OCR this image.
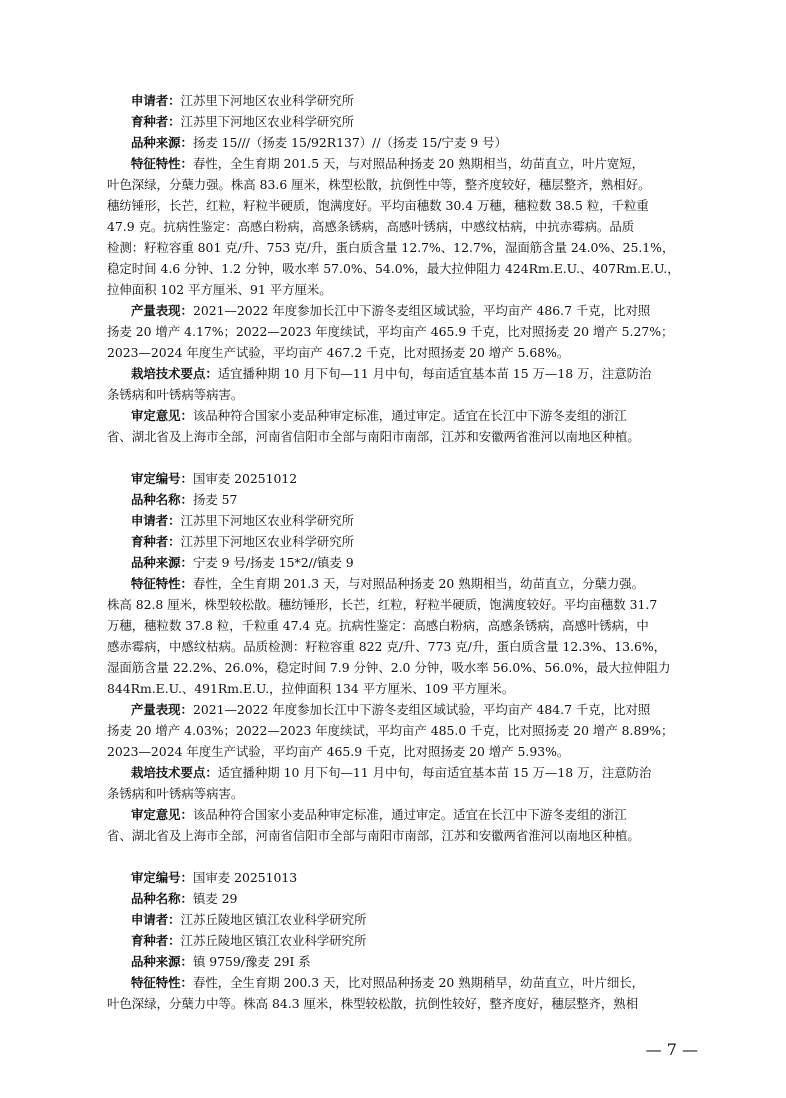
申请者：江苏里下河地区农业科学研究所
育种者：江苏里下河地区农业科学研究所
品种来源：扬麦 15///（扬麦 15/92R137）//（扬麦 15/宁麦 9 号）
特征特性：春性，全生育期 201.5 天，与对照品种扬麦 20 熟期相当，幼苗直立，叶片宽短，
叶色深绿，分蘖力强。株高 83.6 厘米，株型松散，抗倒性中等，整齐度较好，穗层整齐，熟相好。
穗纺锤形，长芒，红粒，籽粒半硬质，饱满度好。平均亩穗数 30.4 万穗，穗粒数 38.5 粒，千粒重
47.9 克。抗病性鉴定：高感白粉病，高感条锈病，高感叶锈病，中感纹枯病，中抗赤霉病。品质
检测：籽粒容重 801 克/升、753 克/升，蛋白质含量 12.7%、12.7%，湿面筋含量 24.0%、25.1%，
稳定时间 4.6 分钟、1.2 分钟，吸水率 57.0%、54.0%，最大拉伸阻力 424Rm.E.U.、407Rm.E.U.，
拉伸面积 102 平方厘米、91 平方厘米。
产量表现：2021—2022 年度参加长江中下游冬麦组区域试验，平均亩产 486.7 千克，比对照
扬麦 20 增产 4.17%；2022—2023 年度续试，平均亩产 465.9 千克，比对照扬麦 20 增产 5.27%；
2023—2024 年度生产试验，平均亩产 467.2 千克，比对照扬麦 20 增产 5.68%。
栽培技术要点：适宜播种期 10 月下旬—11 月中旬，每亩适宜基本苗 15 万—18 万，注意防治
条锈病和叶锈病等病害。
审定意见：该品种符合国家小麦品种审定标准，通过审定。适宜在长江中下游冬麦组的浙江
省、湖北省及上海市全部，河南省信阳市全部与南阳市南部，江苏和安徽两省淮河以南地区种植。
审定编号：国审麦 20251012
品种名称：扬麦 57
申请者：江苏里下河地区农业科学研究所
育种者：江苏里下河地区农业科学研究所
品种来源：宁麦 9 号/扬麦 15*2//镇麦 9
特征特性：春性，全生育期 201.3 天，与对照品种扬麦 20 熟期相当，幼苗直立，分蘖力强。
株高 82.8 厘米，株型较松散。穗纺锤形，长芒，红粒，籽粒半硬质，饱满度较好。平均亩穗数 31.7
万穗，穗粒数 37.8 粒，千粒重 47.4 克。抗病性鉴定：高感白粉病，高感条锈病，高感叶锈病，中
感赤霉病，中感纹枯病。品质检测：籽粒容重 822 克/升、773 克/升，蛋白质含量 12.3%、13.6%，
湿面筋含量 22.2%、26.0%，稳定时间 7.9 分钟、2.0 分钟，吸水率 56.0%、56.0%，最大拉伸阻力
844Rm.E.U.、491Rm.E.U.，拉伸面积 134 平方厘米、109 平方厘米。
产量表现：2021—2022 年度参加长江中下游冬麦组区域试验，平均亩产 484.7 千克，比对照
扬麦 20 增产 4.03%；2022—2023 年度续试，平均亩产 485.0 千克，比对照扬麦 20 增产 8.89%；
2023—2024 年度生产试验，平均亩产 465.9 千克，比对照扬麦 20 增产 5.93%。
栽培技术要点：适宜播种期 10 月下旬—11 月中旬，每亩适宜基本苗 15 万—18 万，注意防治
条锈病和叶锈病等病害。
审定意见：该品种符合国家小麦品种审定标准，通过审定。适宜在长江中下游冬麦组的浙江
省、湖北省及上海市全部，河南省信阳市全部与南阳市南部，江苏和安徽两省淮河以南地区种植。
审定编号：国审麦 20251013
品种名称：镇麦 29
申请者：江苏丘陵地区镇江农业科学研究所
育种者：江苏丘陵地区镇江农业科学研究所
品种来源：镇 9759/豫麦 29I 系
特征特性：春性，全生育期 200.3 天，比对照品种扬麦 20 熟期稍早，幼苗直立，叶片细长，
叶色深绿，分蘖力中等。株高 84.3 厘米，株型较松散，抗倒性较好，整齐度好，穗层整齐，熟相
— 7 —
